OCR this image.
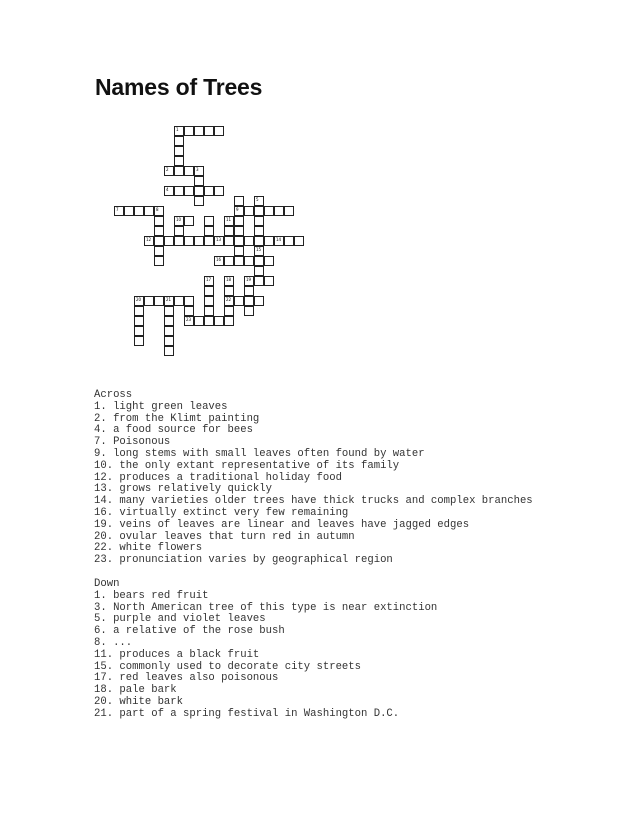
Names of Trees
1
2	3
4
7	8	9
5
15
10	11
12	13	14
16
17	18
22
19
20	21
23
Across
1. light green leaves
2. from the Klimt painting
4. a food source for bees
7. Poisonous
9. long stems with small leaves often found by water
10. the only extant representative of its family
12. produces a traditional holiday food
13. grows relatively quickly
14. many varieties older trees have thick trucks and complex branches
16. virtually extinct very few remaining
19. veins of leaves are linear and leaves have jagged edges
20. ovular leaves that turn red in autumn
22. white flowers
23. pronunciation varies by geographical region
Down
1. bears red fruit
3. North American tree of this type is near extinction
5. purple and violet leaves
6. a relative of the rose bush
8. ...
11. produces a black fruit
15. commonly used to decorate city streets
17. red leaves also poisonous
18. pale bark
20. white bark
21. part of a spring festival in Washington D.C.
